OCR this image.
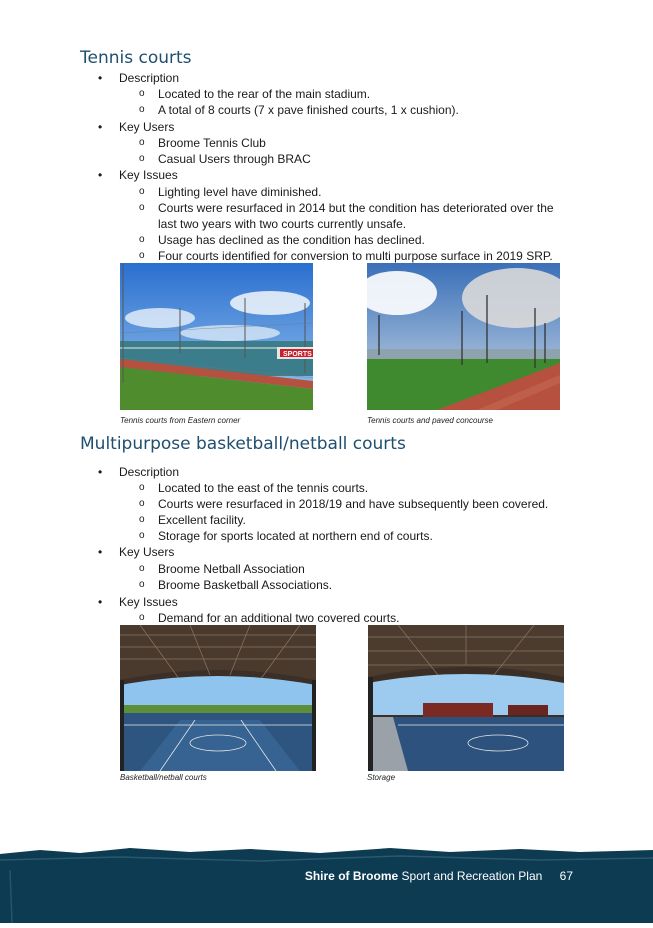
Tennis courts
• Description
o Located to the rear of the main stadium.
o A total of 8 courts (7 x pave finished courts, 1 x cushion).
• Key Users
o Broome Tennis Club
o Casual Users through BRAC
• Key Issues
o Lighting level have diminished.
o Courts were resurfaced in 2014 but the condition has deteriorated over the last two years with two courts currently unsafe.
o Usage has declined as the condition has declined.
o Four courts identified for conversion to multi purpose surface in 2019 SRP.
SPORTS
Tennis courts from Eastern corner	Tennis courts and paved concourse
Multipurpose basketball/netball courts
• Description
o Located to the east of the tennis courts.
o Courts were resurfaced in 2018/19 and have subsequently been covered.
o Excellent facility.
o Storage for sports located at northern end of courts.
• Key Users
o Broome Netball Association
o Broome Basketball Associations.
• Key Issues
o Demand for an additional two covered courts.
Basketball/netball courts	Storage
Shire of Broome Sport and Recreation Plan 67
